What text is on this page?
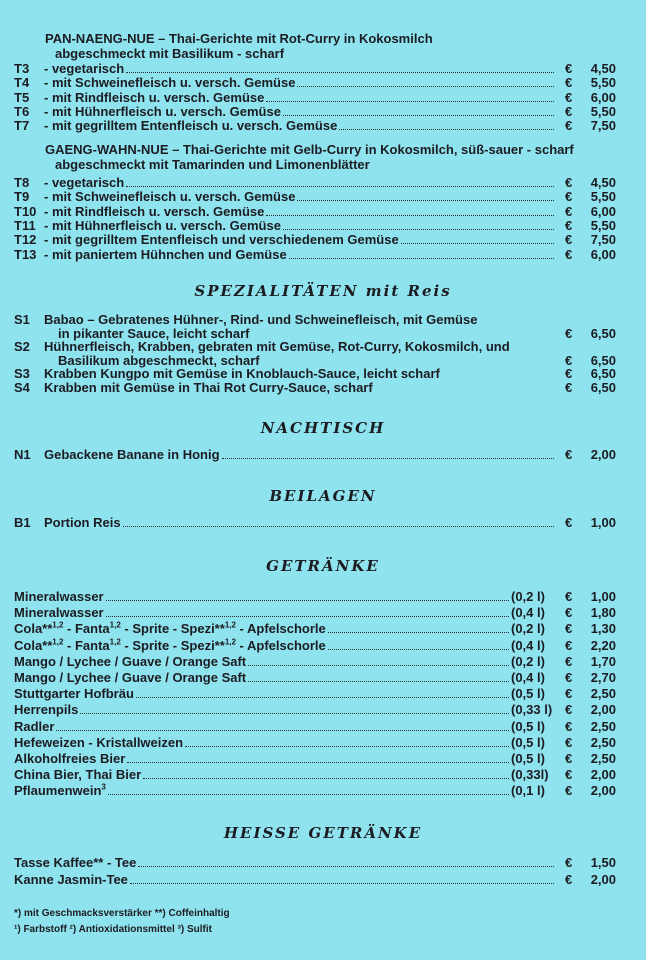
PAN-NAENG-NUE – Thai-Gerichte mit Rot-Curry in Kokosmilch
abgeschmeckt mit Basilikum - scharf
T3 - vegetarisch	€ 4,50
T4 - mit Schweinefleisch u. versch. Gemüse	€ 5,50
T5 - mit Rindfleisch u. versch. Gemüse	€ 6,00
T6 - mit Hühnerfleisch u. versch. Gemüse	€ 5,50
T7 - mit gegrilltem Entenfleisch u. versch. Gemüse	€ 7,50
GAENG-WAHN-NUE – Thai-Gerichte mit Gelb-Curry in Kokosmilch, süß-sauer - scharf
abgeschmeckt mit Tamarinden und Limonenblätter
T8 - vegetarisch	€ 4,50
T9 - mit Schweinefleisch u. versch. Gemüse	€ 5,50
T10 - mit Rindfleisch u. versch. Gemüse	€ 6,00
T11 - mit Hühnerfleisch u. versch. Gemüse	€ 5,50
T12 - mit gegrilltem Entenfleisch und verschiedenem Gemüse	€ 7,50
T13 - mit paniertem Hühnchen und Gemüse	€ 6,00
SPEZIALITÄTEN mit Reis
S1 Babao – Gebratenes Hühner-, Rind- und Schweinefleisch, mit Gemüse
in pikanter Sauce, leicht scharf	€ 6,50
S2 Hühnerfleisch, Krabben, gebraten mit Gemüse, Rot-Curry, Kokosmilch, und
Basilikum abgeschmeckt, scharf	€ 6,50
S3 Krabben Kungpo mit Gemüse in Knoblauch-Sauce, leicht scharf	€ 6,50
S4 Krabben mit Gemüse in Thai Rot Curry-Sauce, scharf	€ 6,50
NACHTISCH
N1 Gebackene Banane in Honig	€ 2,00
BEILAGEN
B1 Portion Reis	€ 1,00
GETRÄNKE
Mineralwasser	(0,2 l) € 1,00
Mineralwasser	(0,4 l) € 1,80
Cola**$^{1,2}$ - Fanta$^{1,2}$ - Sprite - Spezi**$^{1,2}$ - Apfelschorle	(0,2 l) € 1,30
Cola**$^{1,2}$ - Fanta$^{1,2}$ - Sprite - Spezi**$^{1,2}$ - Apfelschorle	(0,4 l) € 2,20
Mango / Lychee / Guave / Orange Saft	(0,2 l) € 1,70
Mango / Lychee / Guave / Orange Saft	(0,4 l) € 2,70
Stuttgarter Hofbräu	(0,5 l) € 2,50
Herrenpils	(0,33 l) € 2,00
Radler	(0,5 l) € 2,50
Hefeweizen - Kristallweizen	(0,5 l) € 2,50
Alkoholfreies Bier	(0,5 l) € 2,50
China Bier, Thai Bier	(0,33l) € 2,00
Pflaumenwein$^3$	(0,1 l) € 2,00
HEISSE GETRÄNKE
Tasse Kaffee** - Tee	€ 1,50
Kanne Jasmin-Tee	€ 2,00
*) mit Geschmacksverstärker **) Coffeinhaltig
¹) Farbstoff ²) Antioxidationsmittel ³) Sulfit
